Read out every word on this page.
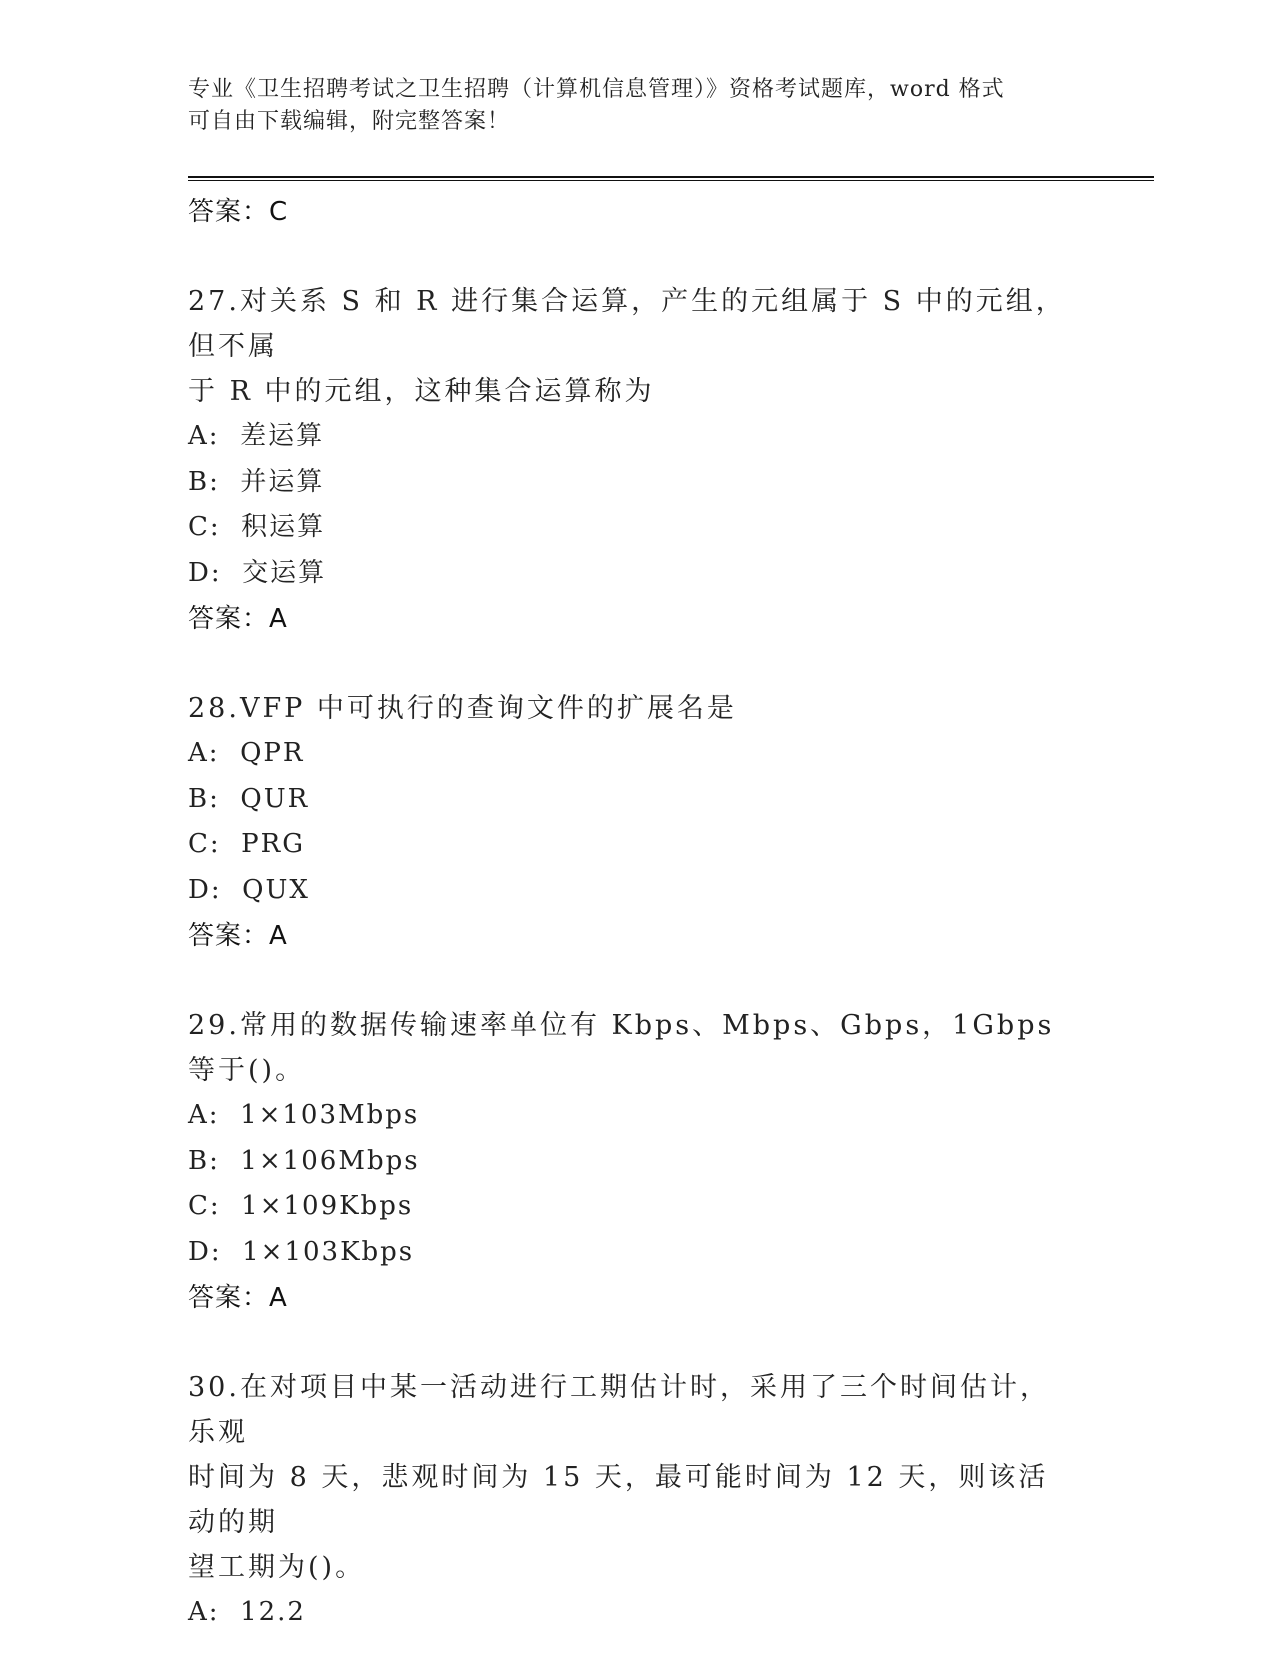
专业《卫生招聘考试之卫生招聘（计算机信息管理）》资格考试题库，word 格式
可自由下载编辑，附完整答案！
答案：C
27.对关系 S 和 R 进行集合运算，产生的元组属于 S 中的元组，但不属
于 R 中的元组，这种集合运算称为
A:  差运算
B:  并运算
C:  积运算
D:  交运算
答案：A
28.VFP 中可执行的查询文件的扩展名是
A:  QPR
B:  QUR
C:  PRG
D:  QUX
答案：A
29.常用的数据传输速率单位有 Kbps、Mbps、Gbps，1Gbps 等于()。
A:  1×103Mbps
B:  1×106Mbps
C:  1×109Kbps
D:  1×103Kbps
答案：A
30.在对项目中某一活动进行工期估计时，采用了三个时间估计，乐观
时间为 8 天，悲观时间为 15 天，最可能时间为 12 天，则该活动的期
望工期为()。
A:  12.2
